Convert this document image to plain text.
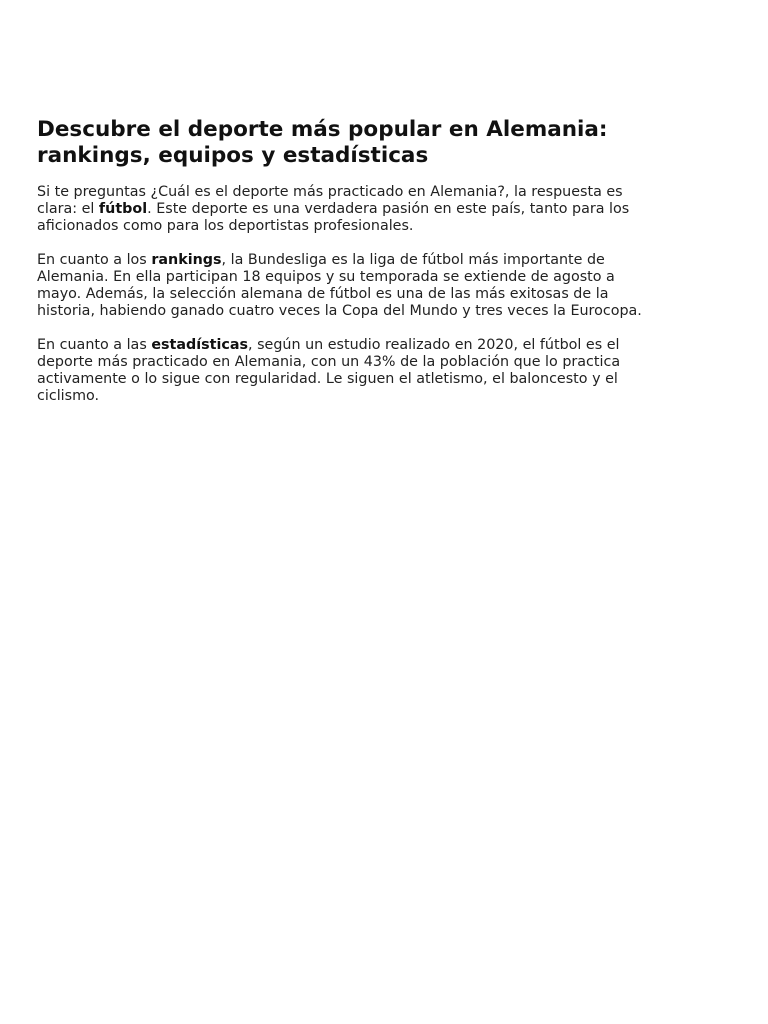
Descubre el deporte más popular en Alemania:
rankings, equipos y estadísticas

Si te preguntas ¿Cuál es el deporte más practicado en Alemania?, la respuesta es
clara: el fútbol. Este deporte es una verdadera pasión en este país, tanto para los
aficionados como para los deportistas profesionales.

En cuanto a los rankings, la Bundesliga es la liga de fútbol más importante de
Alemania. En ella participan 18 equipos y su temporada se extiende de agosto a
mayo. Además, la selección alemana de fútbol es una de las más exitosas de la
historia, habiendo ganado cuatro veces la Copa del Mundo y tres veces la Eurocopa.

En cuanto a las estadísticas, según un estudio realizado en 2020, el fútbol es el
deporte más practicado en Alemania, con un 43% de la población que lo practica
activamente o lo sigue con regularidad. Le siguen el atletismo, el baloncesto y el
ciclismo.
